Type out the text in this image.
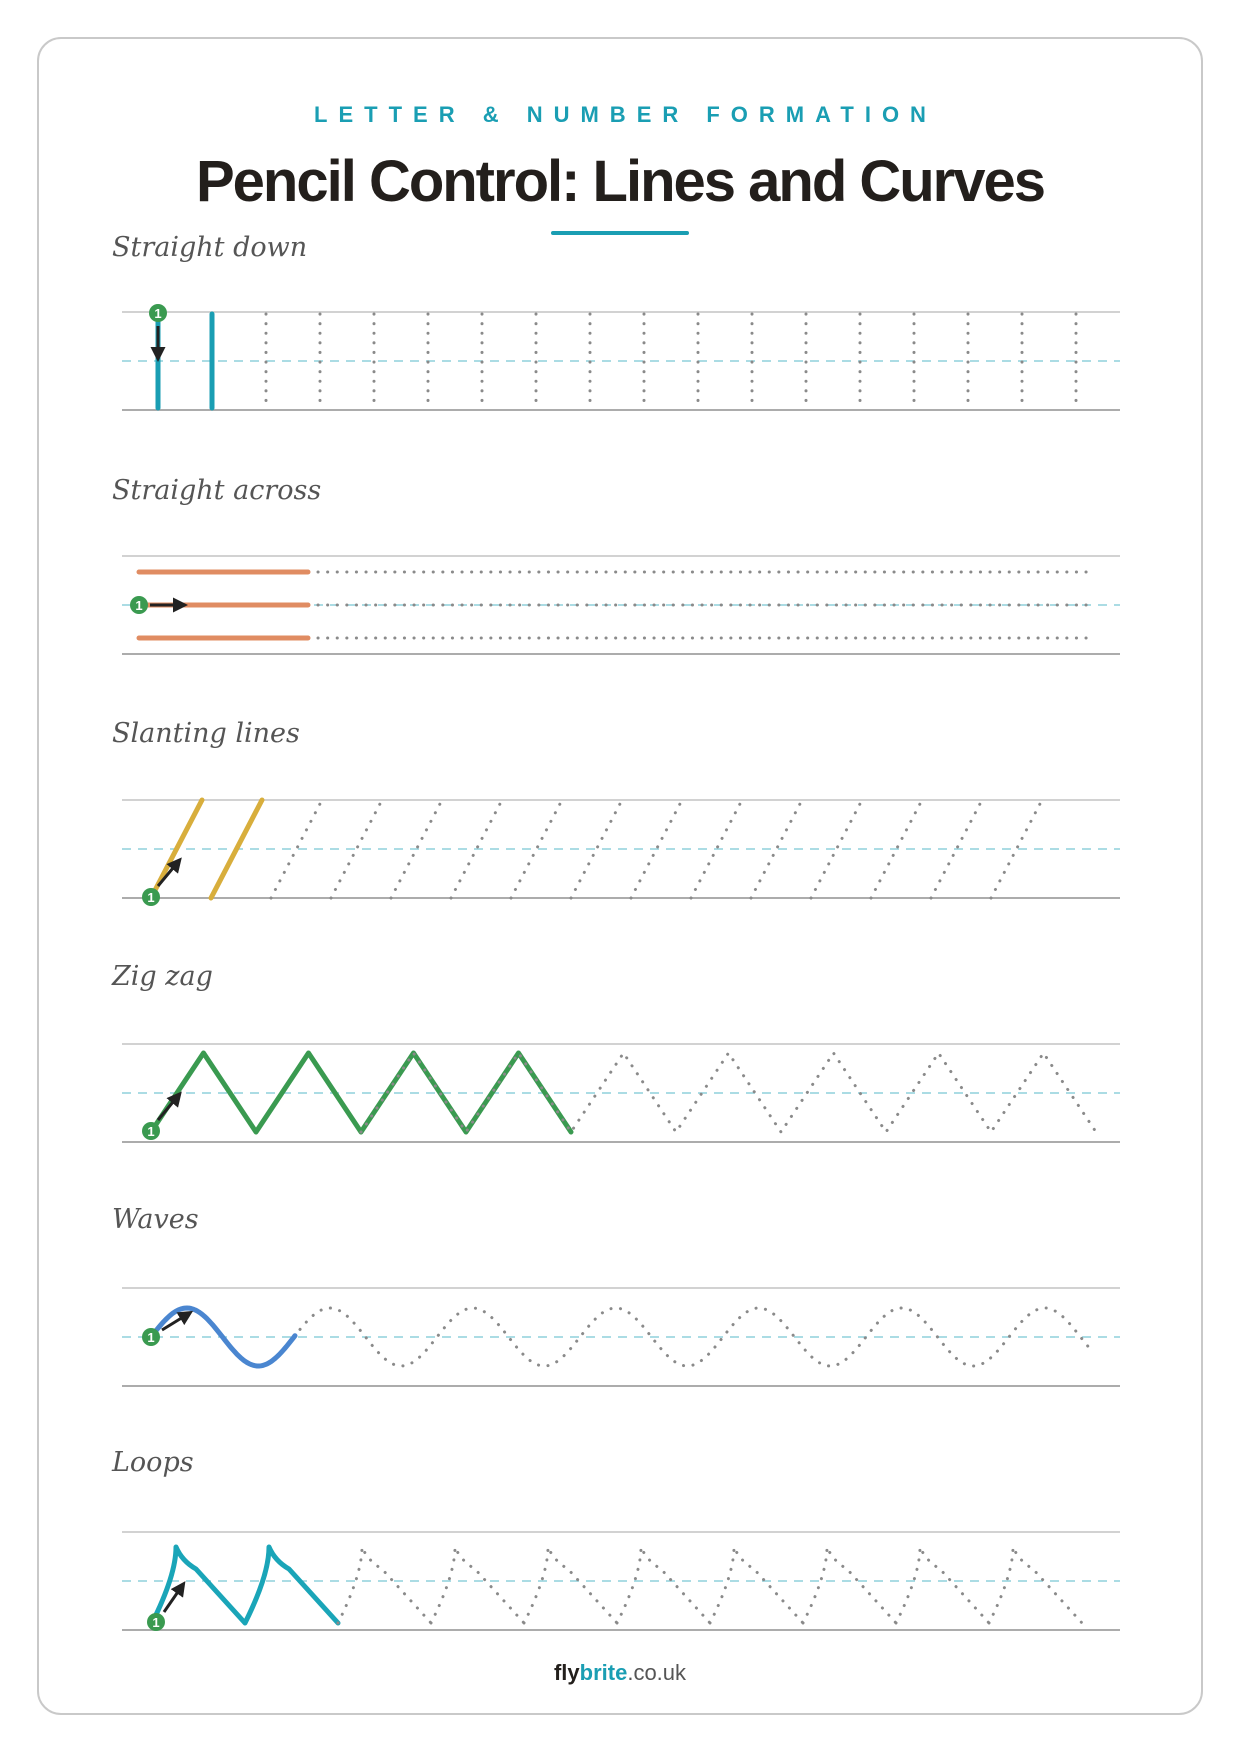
LETTER & NUMBER FORMATION
Pencil Control: Lines and Curves
Straight down
Straight across
Slanting lines
Zig zag
Waves
Loops
1
1
1
1
1
1
flybrite.co.uk
